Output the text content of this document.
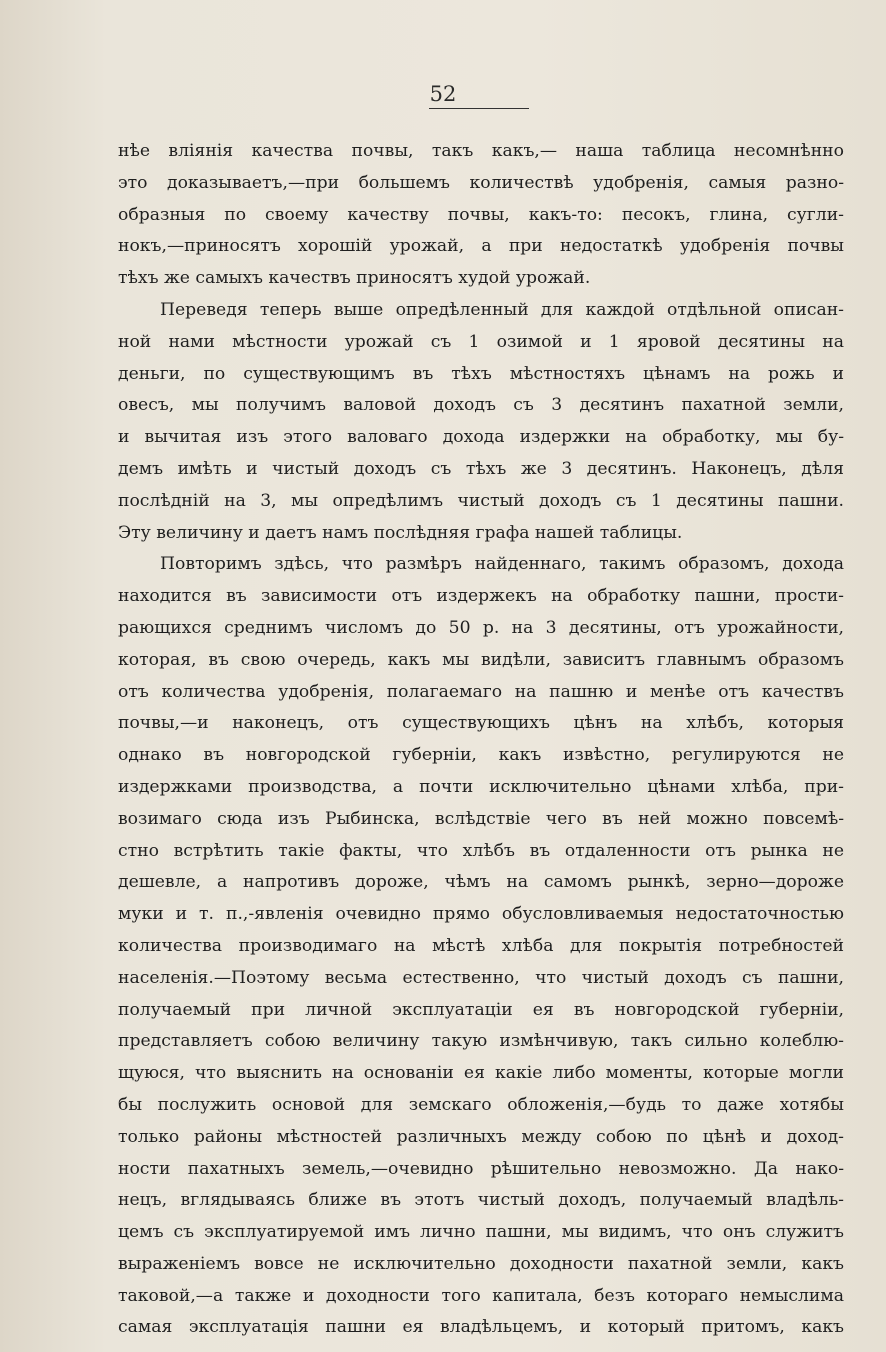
52

нѣе вліянія качества почвы, такъ какъ,— наша таблица несомнѣнно
это доказываетъ,—при большемъ количествѣ удобренія, самыя разно-
образныя по своему качеству почвы, какъ-то: песокъ, глина, сугли-
нокъ,—приносятъ хорошій урожай, а при недостаткѣ удобренія почвы
тѣхъ же самыхъ качествъ приносятъ худой урожай.
Переведя теперь выше опредѣленный для каждой отдѣльной описан-
ной нами мѣстности урожай съ 1 озимой и 1 яровой десятины на
деньги, по существующимъ въ тѣхъ мѣстностяхъ цѣнамъ на рожь и
овесъ, мы получимъ валовой доходъ съ 3 десятинъ пахатной земли,
и вычитая изъ этого валоваго дохода издержки на обработку, мы бу-
демъ имѣть и чистый доходъ съ тѣхъ же 3 десятинъ. Наконецъ, дѣля
послѣдній на 3, мы опредѣлимъ чистый доходъ съ 1 десятины пашни.
Эту величину и даетъ намъ послѣдняя графа нашей таблицы.
Повторимъ здѣсь, что размѣръ найденнаго, такимъ образомъ, дохода
находится въ зависимости отъ издержекъ на обработку пашни, прости-
рающихся среднимъ числомъ до 50 р. на 3 десятины, отъ урожайности,
которая, въ свою очередь, какъ мы видѣли, зависитъ главнымъ образомъ
отъ количества удобренія, полагаемаго на пашню и менѣе отъ качествъ
почвы,—и наконецъ, отъ существующихъ цѣнъ на хлѣбъ, которыя
однако въ новгородской губерніи, какъ извѣстно, регулируются не
издержками производства, а почти исключительно цѣнами хлѣба, при-
возимаго сюда изъ Рыбинска, вслѣдствіе чего въ ней можно повсемѣ-
стно встрѣтить такіе факты, что хлѣбъ въ отдаленности отъ рынка не
дешевле, а напротивъ дороже, чѣмъ на самомъ рынкѣ, зерно—дороже
муки и т. п.,-явленія очевидно прямо обусловливаемыя недостаточностью
количества производимаго на мѣстѣ хлѣба для покрытія потребностей
населенія.—Поэтому весьма естественно, что чистый доходъ съ пашни,
получаемый при личной эксплуатаціи ея въ новгородской губерніи,
представляетъ собою величину такую измѣнчивую, такъ сильно колеблю-
щуюся, что выяснить на основаніи ея какіе либо моменты, которые могли
бы послужить основой для земскаго обложенія,—будь то даже хотябы
только районы мѣстностей различныхъ между собою по цѣнѣ и доход-
ности пахатныхъ земель,—очевидно рѣшительно невозможно. Да нако-
нецъ, вглядываясь ближе въ этотъ чистый доходъ, получаемый владѣль-
цемъ съ эксплуатируемой имъ лично пашни, мы видимъ, что онъ служитъ
выраженіемъ вовсе не исключительно доходности пахатной земли, какъ
таковой,—а также и доходности того капитала, безъ котораго немыслима
самая эксплуатація пашни ея владѣльцемъ, и который притомъ, какъ
